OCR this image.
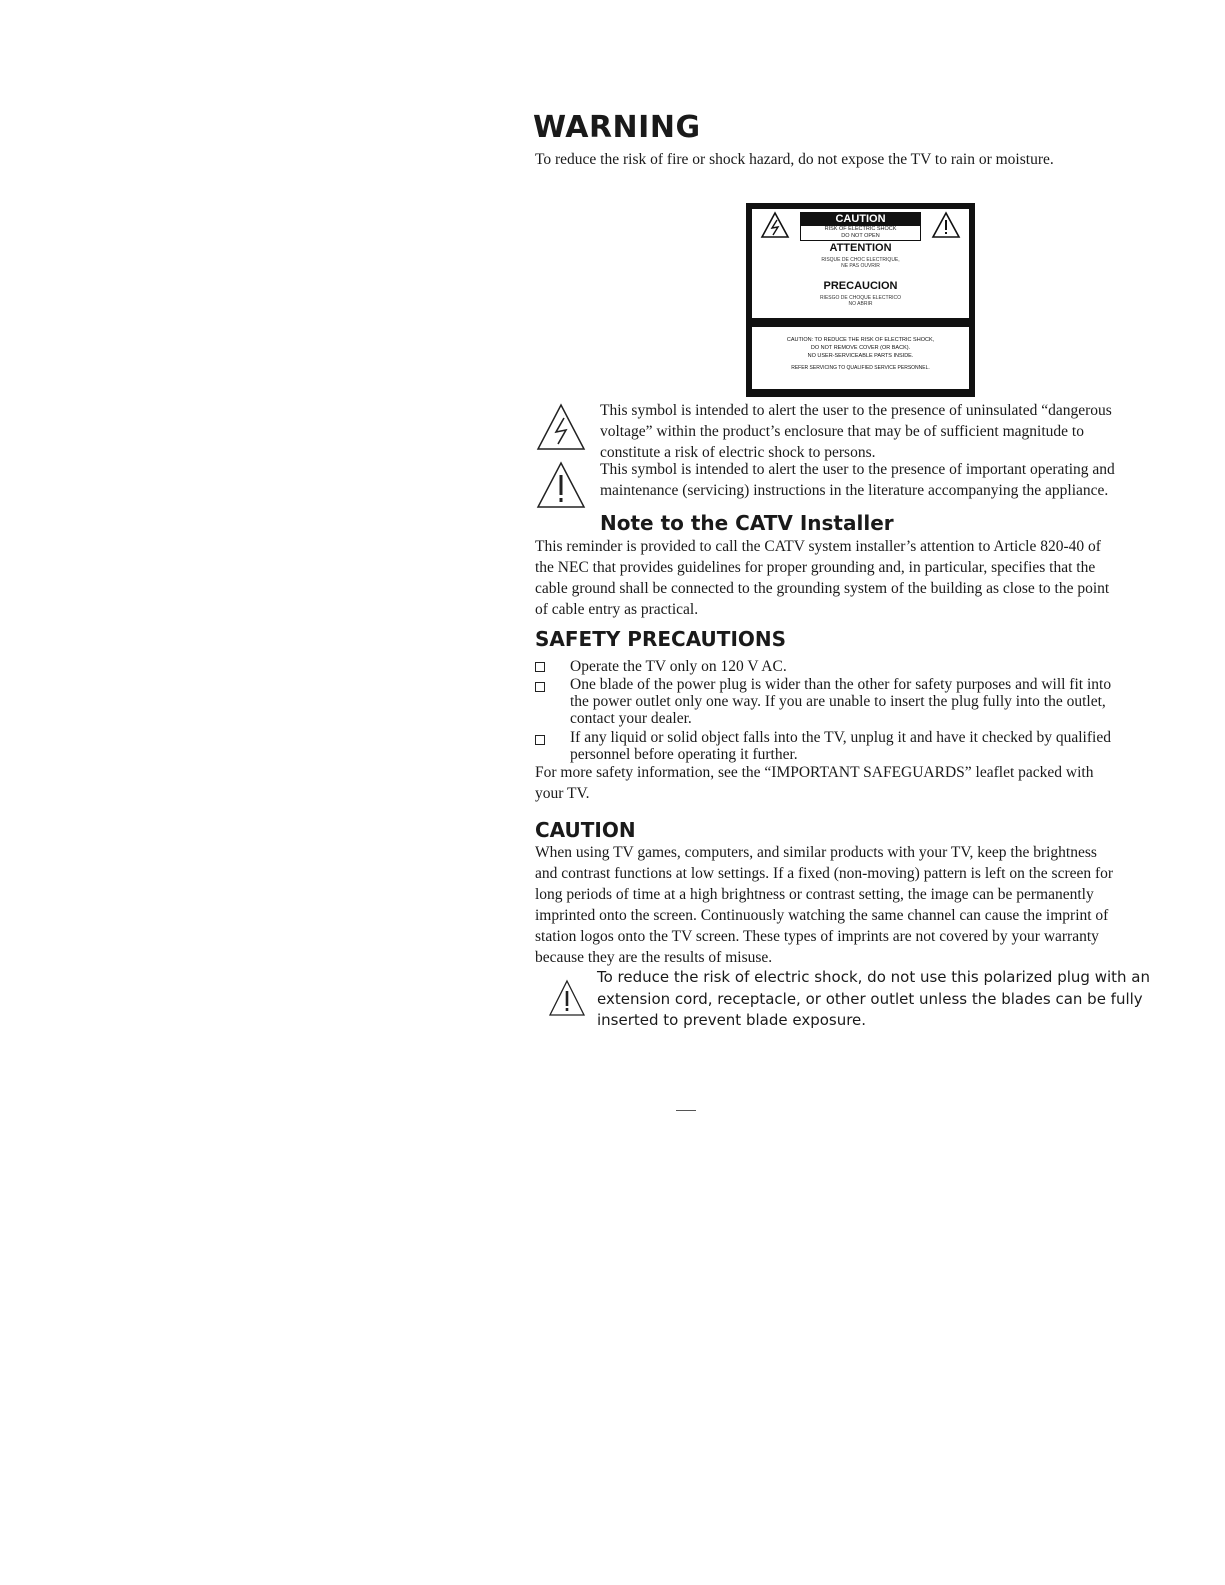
WARNING
To reduce the risk of fire or shock hazard, do not expose the TV to rain or moisture.
CAUTION
RISK OF ELECTRIC SHOCK
DO NOT OPEN
ATTENTION
RISQUE DE CHOC ELECTRIQUE,
NE PAS OUVRIR
PRECAUCION
RIESGO DE CHOQUE ELECTRICO
NO ABRIR
CAUTION: TO REDUCE THE RISK OF ELECTRIC SHOCK,
DO NOT REMOVE COVER (OR BACK).
NO USER-SERVICEABLE PARTS INSIDE.
REFER SERVICING TO QUALIFIED SERVICE PERSONNEL.
This symbol is intended to alert the user to the presence of uninsulated “dangerous
voltage” within the product’s enclosure that may be of sufficient magnitude to
constitute a risk of electric shock to persons.
This symbol is intended to alert the user to the presence of important operating and
maintenance (servicing) instructions in the literature accompanying the appliance.
Note to the CATV Installer
This reminder is provided to call the CATV system installer’s attention to Article 820-40 of
the NEC that provides guidelines for proper grounding and, in particular, specifies that the
cable ground shall be connected to the grounding system of the building as close to the point
of cable entry as practical.
SAFETY PRECAUTIONS
Operate the TV only on 120 V AC.
One blade of the power plug is wider than the other for safety purposes and will fit into
the power outlet only one way. If you are unable to insert the plug fully into the outlet,
contact your dealer.
If any liquid or solid object falls into the TV, unplug it and have it checked by qualified
personnel before operating it further.
For more safety information, see the “IMPORTANT SAFEGUARDS” leaflet packed with
your TV.
CAUTION
When using TV games, computers, and similar products with your TV, keep the brightness
and contrast functions at low settings. If a fixed (non-moving) pattern is left on the screen for
long periods of time at a high brightness or contrast setting, the image can be permanently
imprinted onto the screen. Continuously watching the same channel can cause the imprint of
station logos onto the TV screen. These types of imprints are not covered by your warranty
because they are the results of misuse.
To reduce the risk of electric shock, do not use this polarized plug with an
extension cord, receptacle, or other outlet unless the blades can be fully
inserted to prevent blade exposure.
